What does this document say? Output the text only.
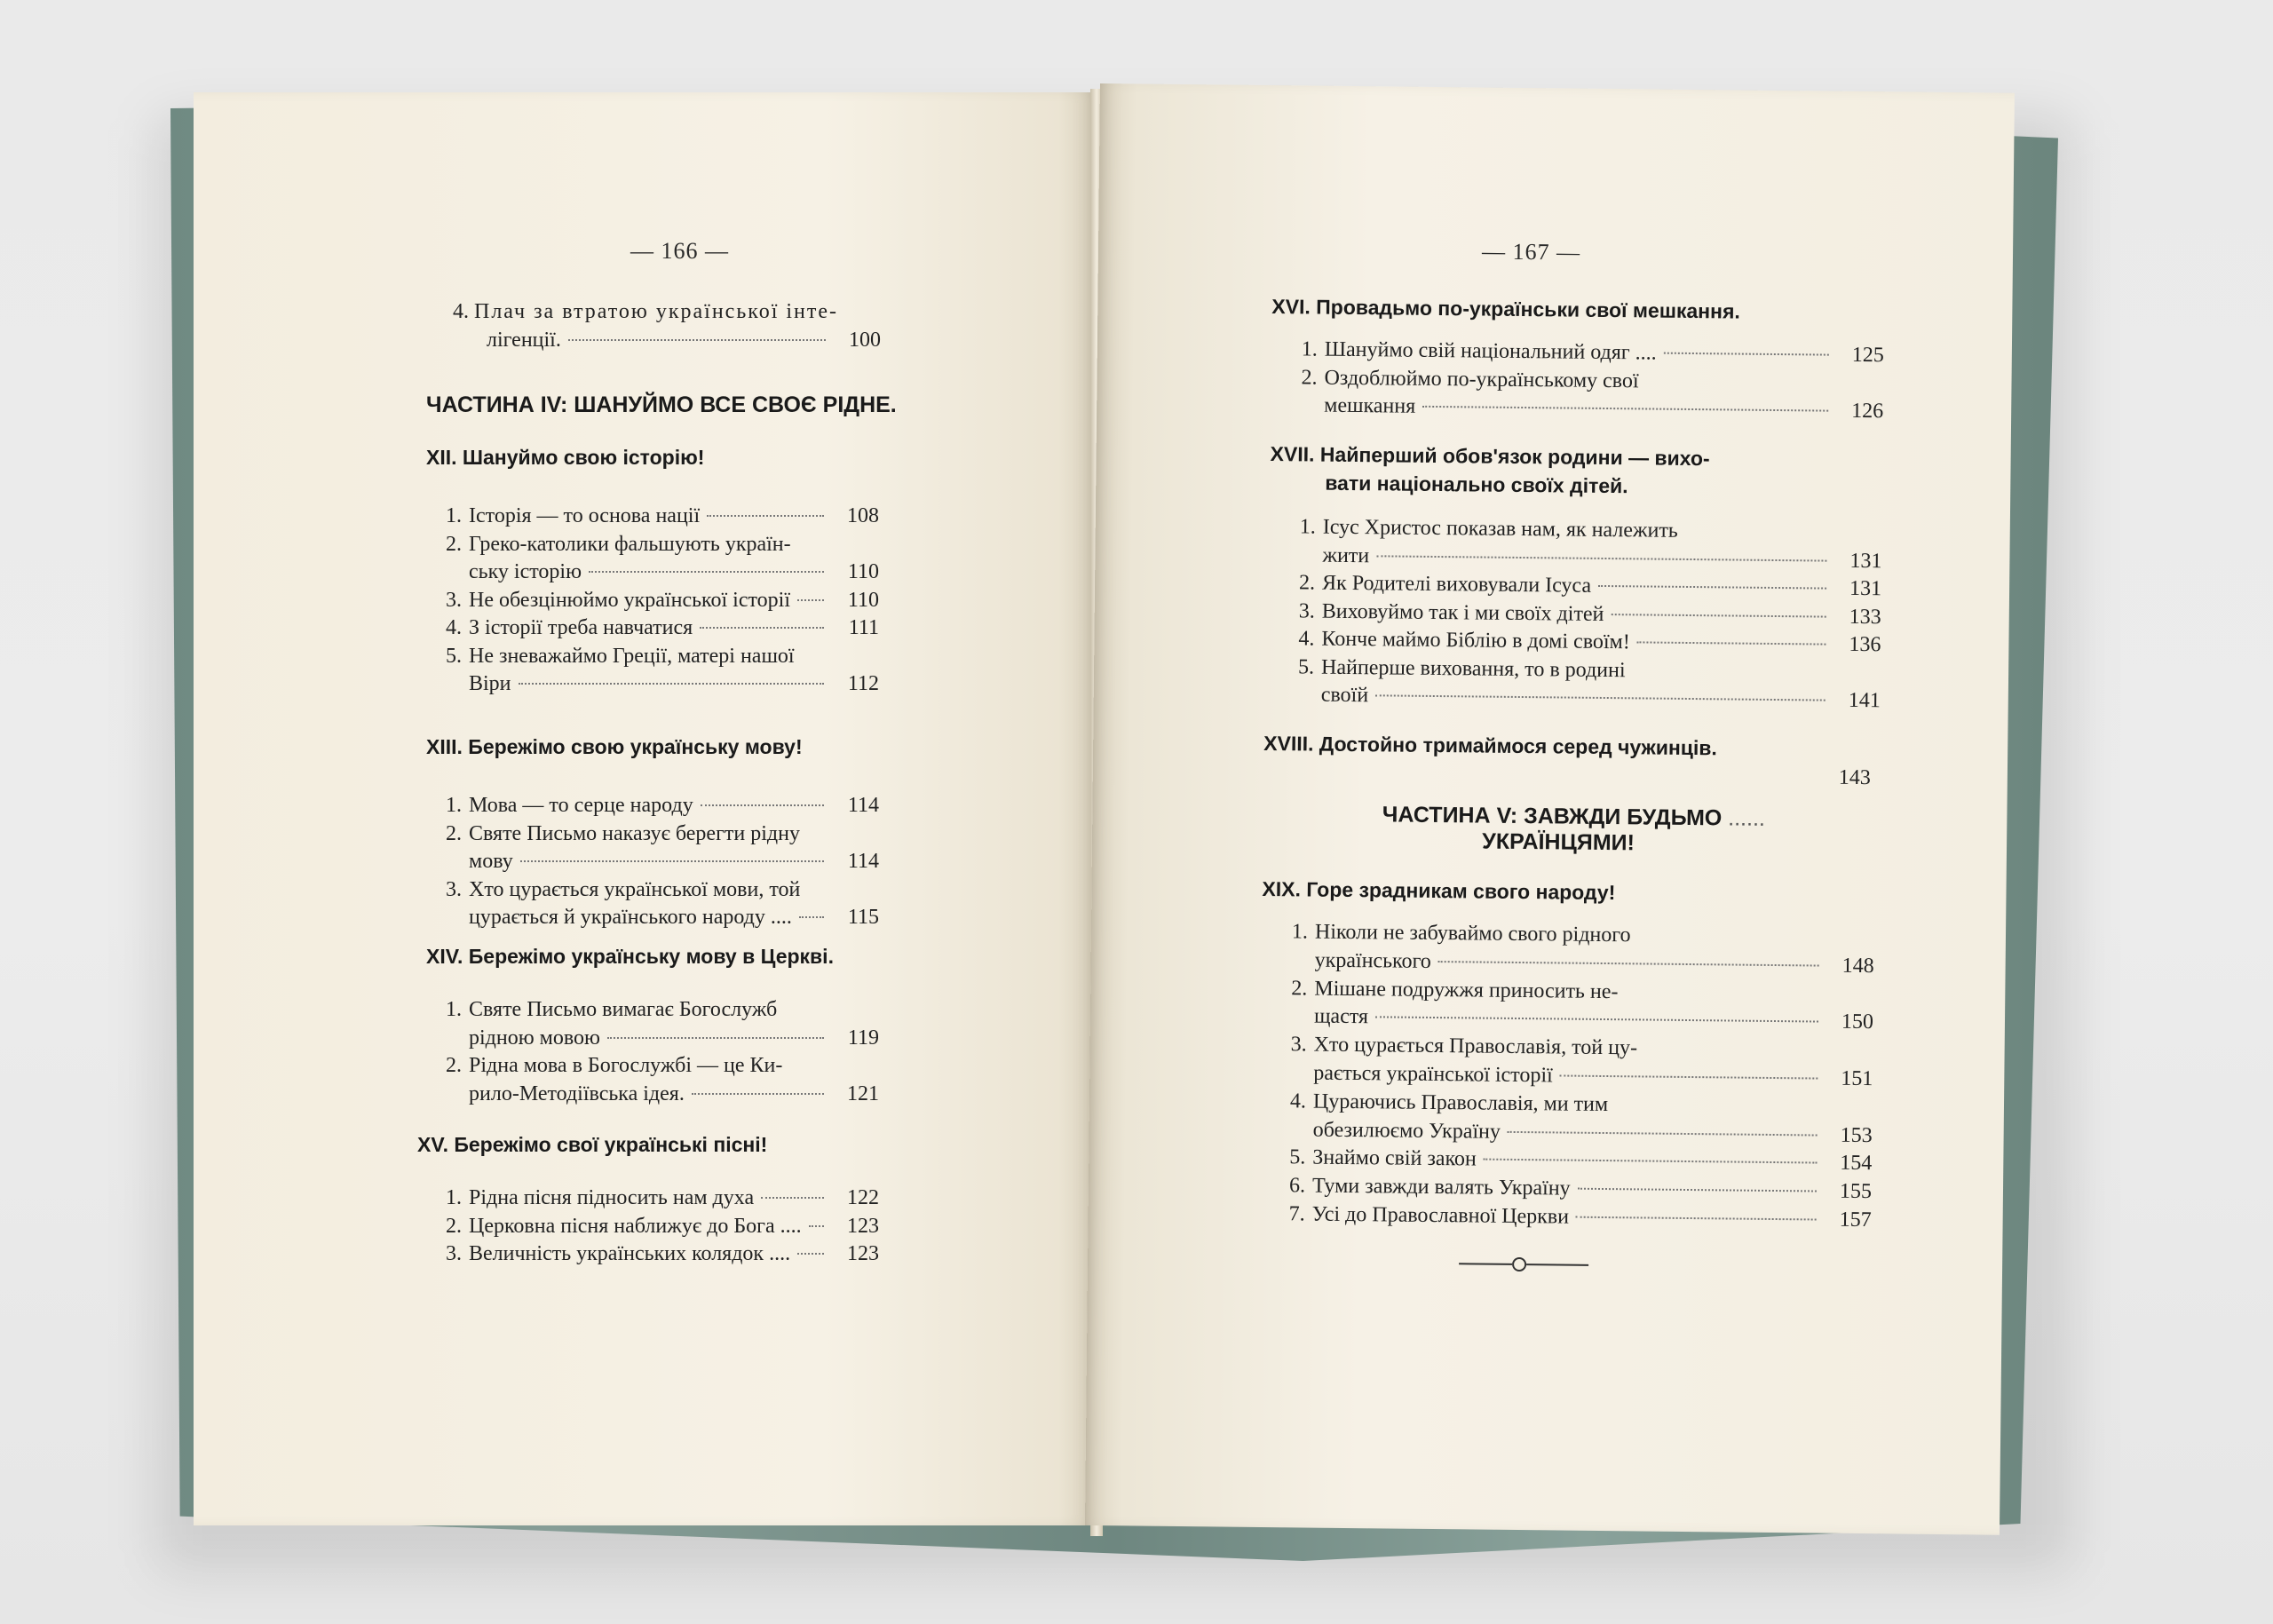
— 166 —
4. Плач за втратою української інте-
лігенції.	100
ЧАСТИНА IV: ШАНУЙМО ВСЕ СВОЄ РІДНЕ.
XII. Шануймо свою історію!
1. Історія — то основа нації	108
2. Греко-католики фальшують україн-
ську історію	110
3. Не обезцінюймо української історії	110
4. З історії треба навчатися	111
5. Не зневажаймо Греції, матері нашої
Віри	112
XIII. Бережімо свою українську мову!
1. Мова — то серце народу	114
2. Святе Письмо наказує берегти рідну
мову	114
3. Хто цурається української мови, той
цурається й українського народу ....	115
XIV. Бережімо українську мову в Церкві.
1. Святе Письмо вимагає Богослужб
рідною мовою	119
2. Рідна мова в Богослужбі — це Ки-
рило-Методіївська ідея.	121
XV. Бережімо свої українські пісні!
1. Рідна пісня підносить нам духа	122
2. Церковна пісня наближує до Бога ....	123
3. Величність українських колядок ....	123
— 167 —
XVI. Провадьмо по-українськи свої мешкання.
1. Шануймо свій національний одяг ....	125
2. Оздоблюймо по-українському свої
мешкання	126
XVII. Найперший обов'язок родини — вихо-
вати національно своїх дітей.
1. Ісус Христос показав нам, як належить
жити	131
2. Як Родителі виховували Ісуса	131
3. Виховуймо так і ми своїх дітей	133
4. Конче маймо Біблію в домі своїм!	136
5. Найперше виховання, то в родині
своїй	141
XVIII. Достойно тримаймося серед чужинців.
143
ЧАСТИНА V: ЗАВЖДИ БУДЬМО ......
УКРАЇНЦЯМИ!
XIX. Горе зрадникам свого народу!
1. Ніколи не забуваймо свого рідного
українського	148
2. Мішане подружжя приносить не-
щастя	150
3. Хто цурається Православія, той цу-
рається української історії	151
4. Цураючись Православія, ми тим
обезилюємо Україну	153
5. Знаймо свій закон	154
6. Туми завжди валять Україну	155
7. Усі до Православної Церкви	157
